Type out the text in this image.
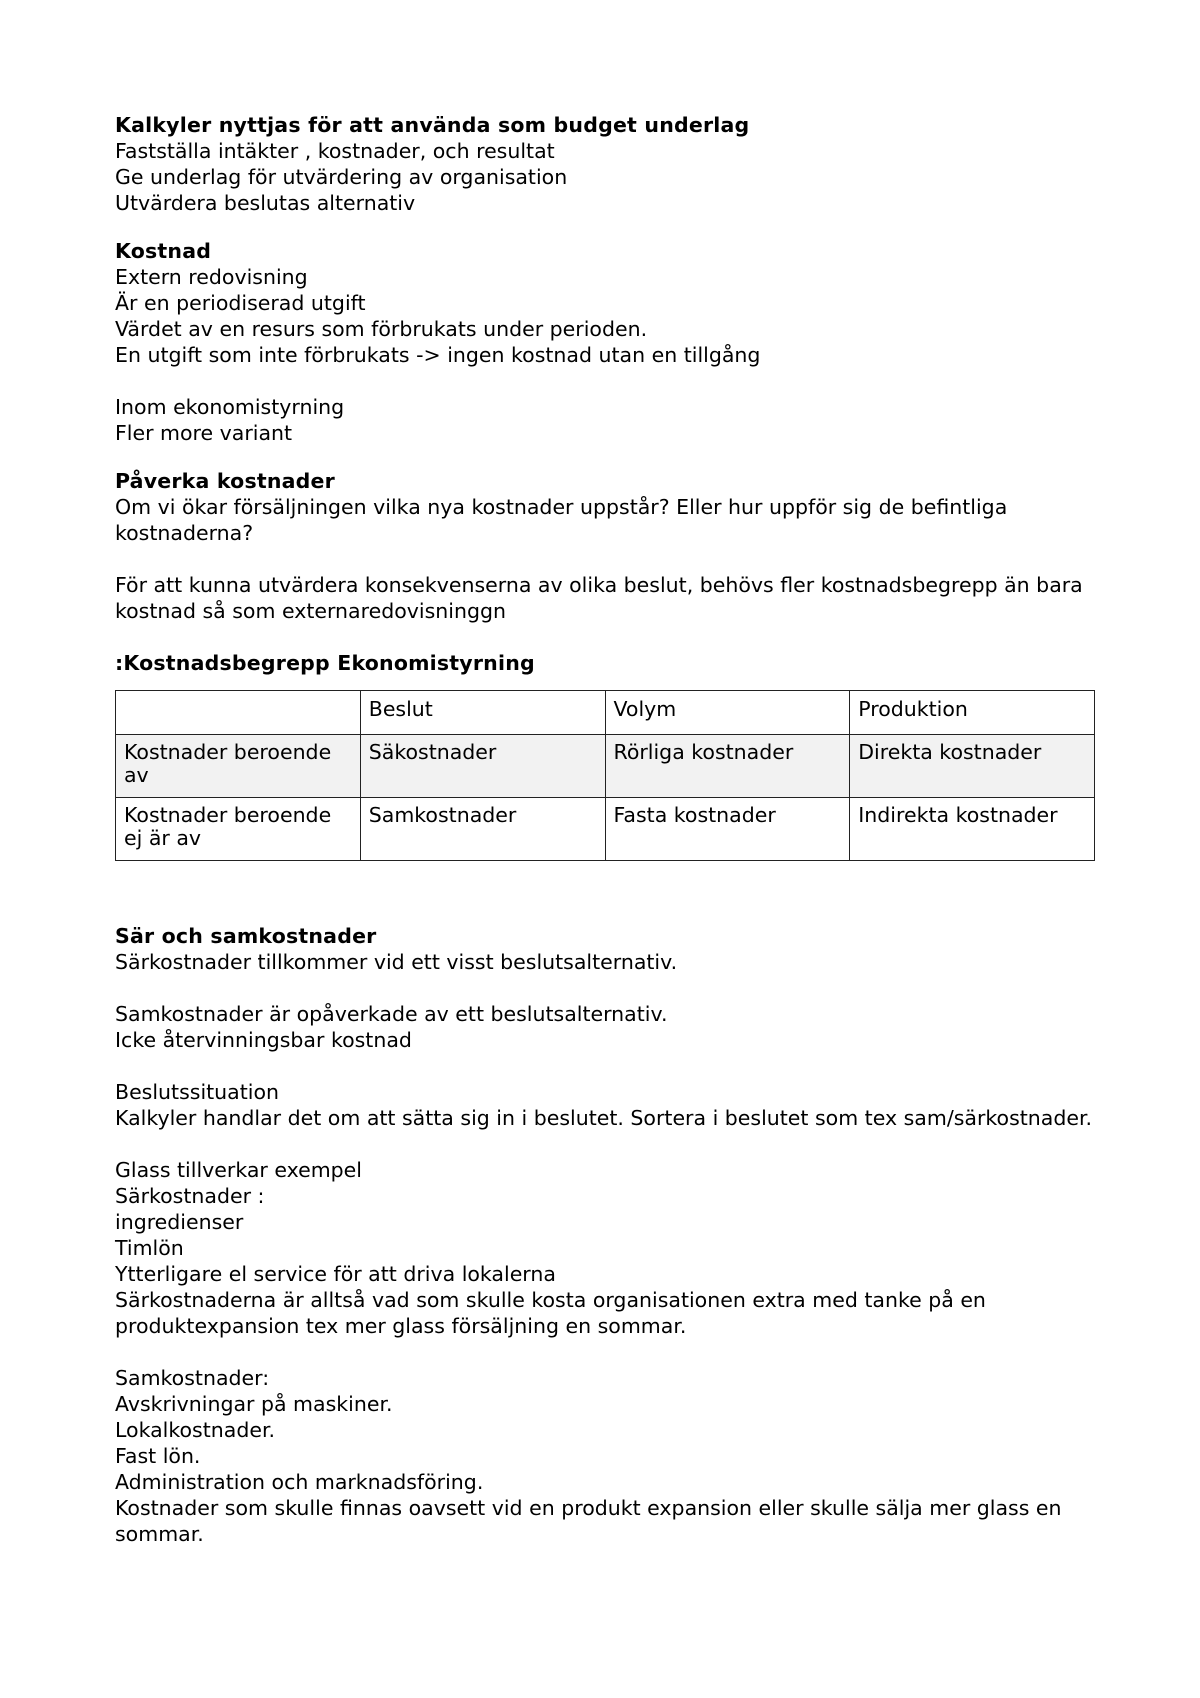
Kalkyler nyttjas för att använda som budget underlag
Fastställa intäkter , kostnader, och resultat
Ge underlag för utvärdering av organisation
Utvärdera beslutas alternativ
Kostnad
Extern redovisning
Är en periodiserad utgift
Värdet av en resurs som förbrukats under perioden.
En utgift som inte förbrukats -> ingen kostnad utan en tillgång
Inom ekonomistyrning
Fler more variant
Påverka kostnader
Om vi ökar försäljningen vilka nya kostnader uppstår? Eller hur uppför sig de befintliga kostnaderna?
För att kunna utvärdera konsekvenserna av olika beslut, behövs fler kostnadsbegrepp än bara kostnad så som externaredovisninggn
:Kostnadsbegrepp Ekonomistyrning
	Beslut	Volym	Produktion
Kostnader beroende av	Säkostnader	Rörliga kostnader	Direkta kostnader
Kostnader beroende ej är av	Samkostnader	Fasta kostnader	Indirekta kostnader
Sär och samkostnader
Särkostnader tillkommer vid ett visst beslutsalternativ.
Samkostnader är opåverkade av ett beslutsalternativ.
Icke återvinningsbar kostnad
Beslutssituation
Kalkyler handlar det om att sätta sig in i beslutet. Sortera i beslutet som tex sam/särkostnader.
Glass tillverkar exempel
Särkostnader :
ingredienser
Timlön
Ytterligare el service för att driva lokalerna
Särkostnaderna är alltså vad som skulle kosta organisationen extra med tanke på en produktexpansion tex mer glass försäljning en sommar.
Samkostnader:
Avskrivningar på maskiner.
Lokalkostnader.
Fast lön.
Administration och marknadsföring.
Kostnader som skulle finnas oavsett vid en produkt expansion eller skulle sälja mer glass en sommar.
